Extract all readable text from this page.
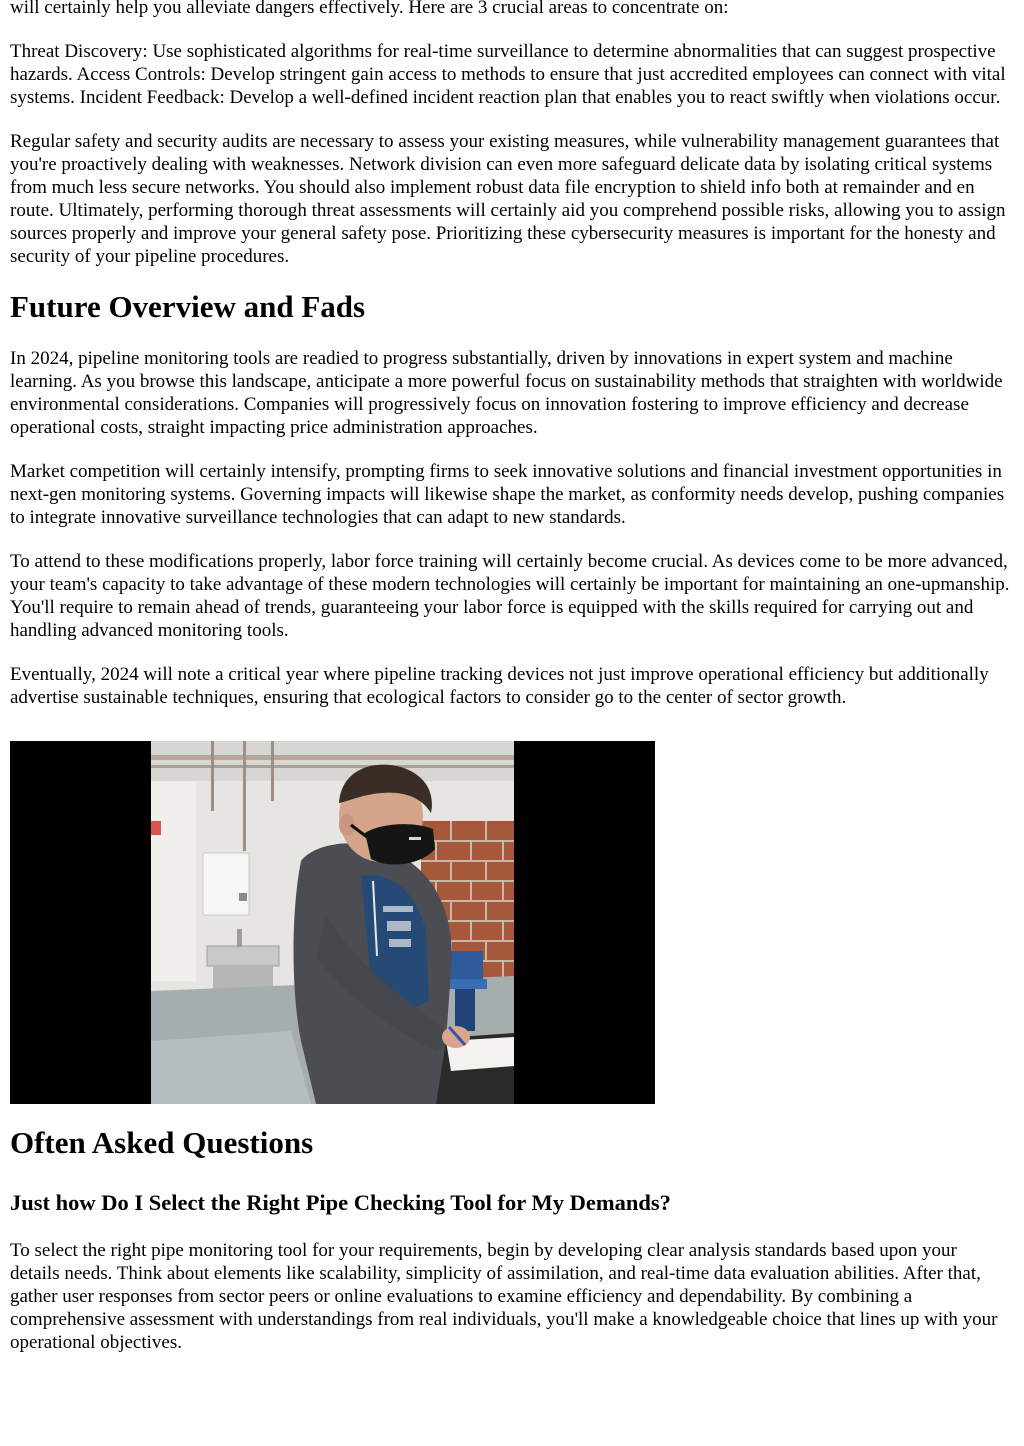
will certainly help you alleviate dangers effectively. Here are 3 crucial areas to concentrate on:

Threat Discovery: Use sophisticated algorithms for real-time surveillance to determine abnormalities that can suggest prospective hazards. Access Controls: Develop stringent gain access to methods to ensure that just accredited employees can connect with vital systems. Incident Feedback: Develop a well-defined incident reaction plan that enables you to react swiftly when violations occur.

Regular safety and security audits are necessary to assess your existing measures, while vulnerability management guarantees that you're proactively dealing with weaknesses. Network division can even more safeguard delicate data by isolating critical systems from much less secure networks. You should also implement robust data file encryption to shield info both at remainder and en route. Ultimately, performing thorough threat assessments will certainly aid you comprehend possible risks, allowing you to assign sources properly and improve your general safety pose. Prioritizing these cybersecurity measures is important for the honesty and security of your pipeline procedures.

Future Overview and Fads

In 2024, pipeline monitoring tools are readied to progress substantially, driven by innovations in expert system and machine learning. As you browse this landscape, anticipate a more powerful focus on sustainability methods that straighten with worldwide environmental considerations. Companies will progressively focus on innovation fostering to improve efficiency and decrease operational costs, straight impacting price administration approaches.

Market competition will certainly intensify, prompting firms to seek innovative solutions and financial investment opportunities in next-gen monitoring systems. Governing impacts will likewise shape the market, as conformity needs develop, pushing companies to integrate innovative surveillance technologies that can adapt to new standards.

To attend to these modifications properly, labor force training will certainly become crucial. As devices come to be more advanced, your team's capacity to take advantage of these modern technologies will certainly be important for maintaining an one-upmanship. You'll require to remain ahead of trends, guaranteeing your labor force is equipped with the skills required for carrying out and handling advanced monitoring tools.

Eventually, 2024 will note a critical year where pipeline tracking devices not just improve operational efficiency but additionally advertise sustainable techniques, ensuring that ecological factors to consider go to the center of sector growth.

Often Asked Questions
Just how Do I Select the Right Pipe Checking Tool for My Demands?

To select the right pipe monitoring tool for your requirements, begin by developing clear analysis standards based upon your details needs. Think about elements like scalability, simplicity of assimilation, and real-time data evaluation abilities. After that, gather user responses from sector peers or online evaluations to examine efficiency and dependability. By combining a comprehensive assessment with understandings from real individuals, you'll make a knowledgeable choice that lines up with your operational objectives.
